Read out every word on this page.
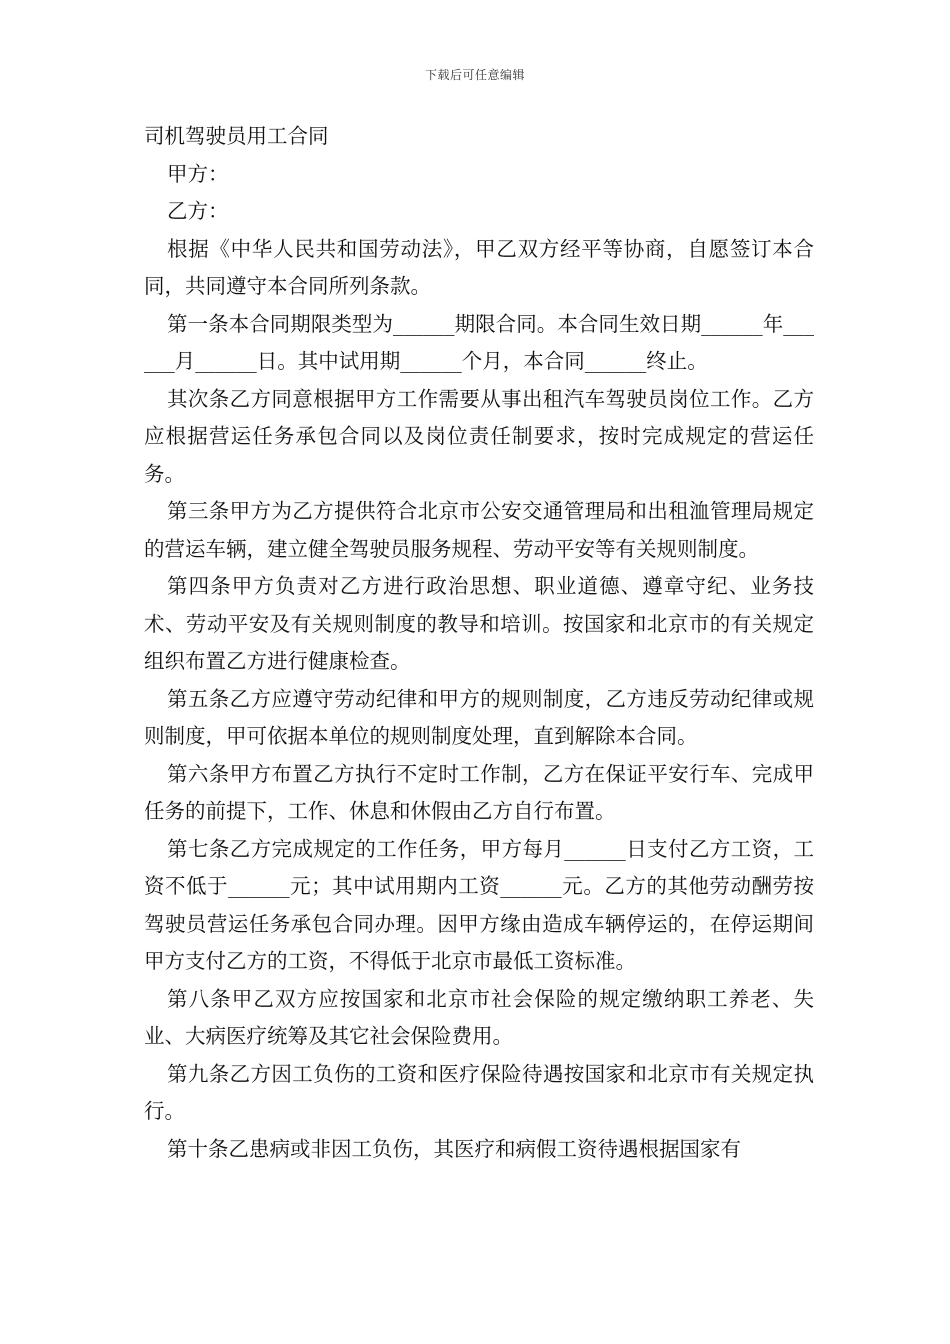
下载后可任意编辑

司机驾驶员用工合同

甲方：

乙方：

根据《中华人民共和国劳动法》，甲乙双方经平等协商，自愿签订本合同，共同遵守本合同所列条款。

第一条本合同期限类型为______期限合同。本合同生效日期______年______月______日。其中试用期______个月，本合同______终止。

其次条乙方同意根据甲方工作需要从事出租汽车驾驶员岗位工作。乙方应根据营运任务承包合同以及岗位责任制要求，按时完成规定的营运任务。

第三条甲方为乙方提供符合北京市公安交通管理局和出租洫管理局规定的营运车辆，建立健全驾驶员服务规程、劳动平安等有关规则制度。

第四条甲方负责对乙方进行政治思想、职业道德、遵章守纪、业务技术、劳动平安及有关规则制度的教导和培训。按国家和北京市的有关规定组织布置乙方进行健康检查。

第五条乙方应遵守劳动纪律和甲方的规则制度，乙方违反劳动纪律或规则制度，甲可依据本单位的规则制度处理，直到解除本合同。

第六条甲方布置乙方执行不定时工作制，乙方在保证平安行车、完成甲任务的前提下，工作、休息和休假由乙方自行布置。

第七条乙方完成规定的工作任务，甲方每月______日支付乙方工资，工资不低于______元；其中试用期内工资______元。乙方的其他劳动酬劳按驾驶员营运任务承包合同办理。因甲方缘由造成车辆停运的，在停运期间甲方支付乙方的工资，不得低于北京市最低工资标准。

第八条甲乙双方应按国家和北京市社会保险的规定缴纳职工养老、失业、大病医疗统筹及其它社会保险费用。

第九条乙方因工负伤的工资和医疗保险待遇按国家和北京市有关规定执行。

第十条乙患病或非因工负伤，其医疗和病假工资待遇根据国家有
